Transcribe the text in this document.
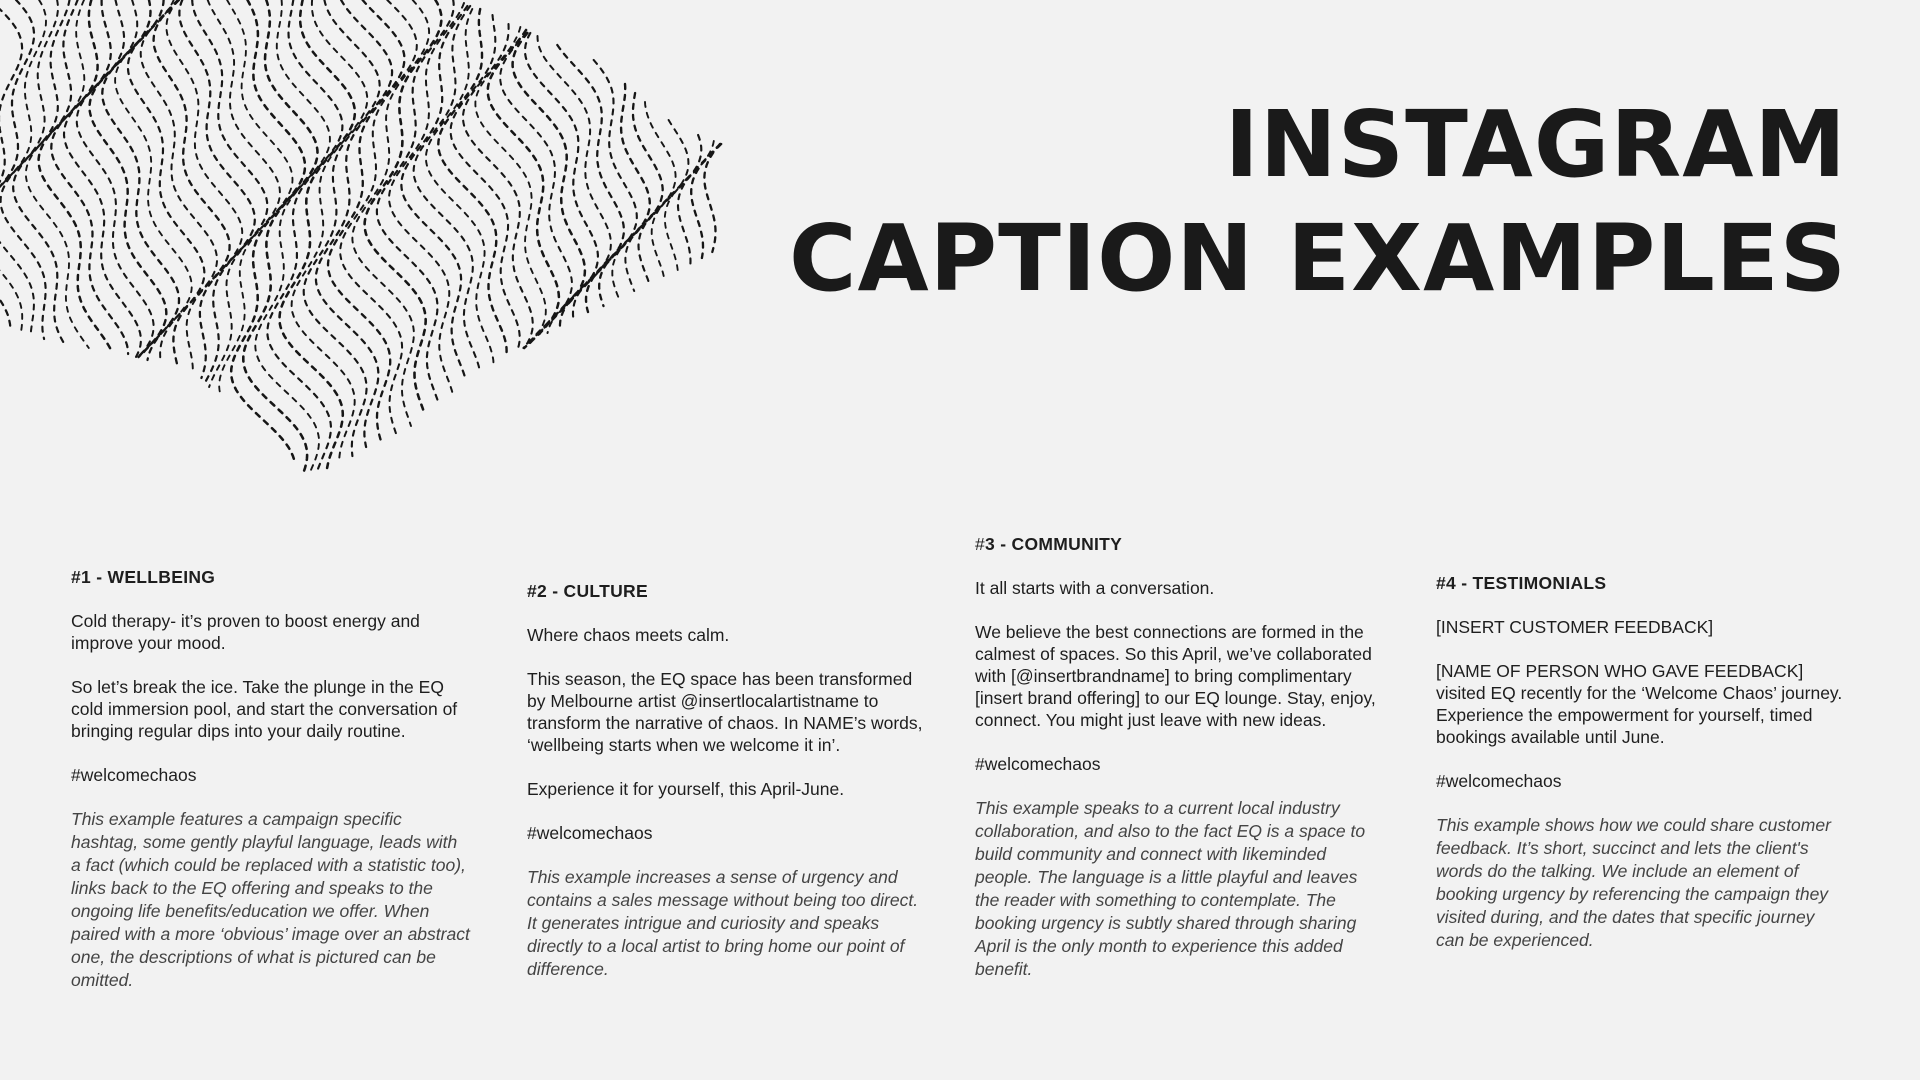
INSTAGRAM
CAPTION EXAMPLES

#1 - WELLBEING

Cold therapy- it’s proven to boost energy and improve your mood.

So let’s break the ice. Take the plunge in the EQ cold immersion pool, and start the conversation of bringing regular dips into your daily routine.

#welcomechaos

This example features a campaign specific hashtag, some gently playful language, leads with a fact (which could be replaced with a statistic too), links back to the EQ offering and speaks to the ongoing life benefits/education we offer. When paired with a more ‘obvious’ image over an abstract one, the descriptions of what is pictured can be omitted.

#2 - CULTURE

Where chaos meets calm.

This season, the EQ space has been transformed by Melbourne artist @insertlocalartistname to transform the narrative of chaos. In NAME’s words, ‘wellbeing starts when we welcome it in’.

Experience it for yourself, this April-June.

#welcomechaos

This example increases a sense of urgency and contains a sales message without being too direct. It generates intrigue and curiosity and speaks directly to a local artist to bring home our point of difference.

#3 - COMMUNITY

It all starts with a conversation.

We believe the best connections are formed in the calmest of spaces. So this April, we’ve collaborated with [@insertbrandname] to bring complimentary [insert brand offering] to our EQ lounge. Stay, enjoy, connect. You might just leave with new ideas.

#welcomechaos

This example speaks to a current local industry collaboration, and also to the fact EQ is a space to build community and connect with likeminded people. The language is a little playful and leaves the reader with something to contemplate. The booking urgency is subtly shared through sharing April is the only month to experience this added benefit.

#4 - TESTIMONIALS

[INSERT CUSTOMER FEEDBACK]

[NAME OF PERSON WHO GAVE FEEDBACK] visited EQ recently for the ‘Welcome Chaos’ journey. Experience the empowerment for yourself, timed bookings available until June.

#welcomechaos

This example shows how we could share customer feedback. It’s short, succinct and lets the client's words do the talking. We include an element of booking urgency by referencing the campaign they visited during, and the dates that specific journey can be experienced.
